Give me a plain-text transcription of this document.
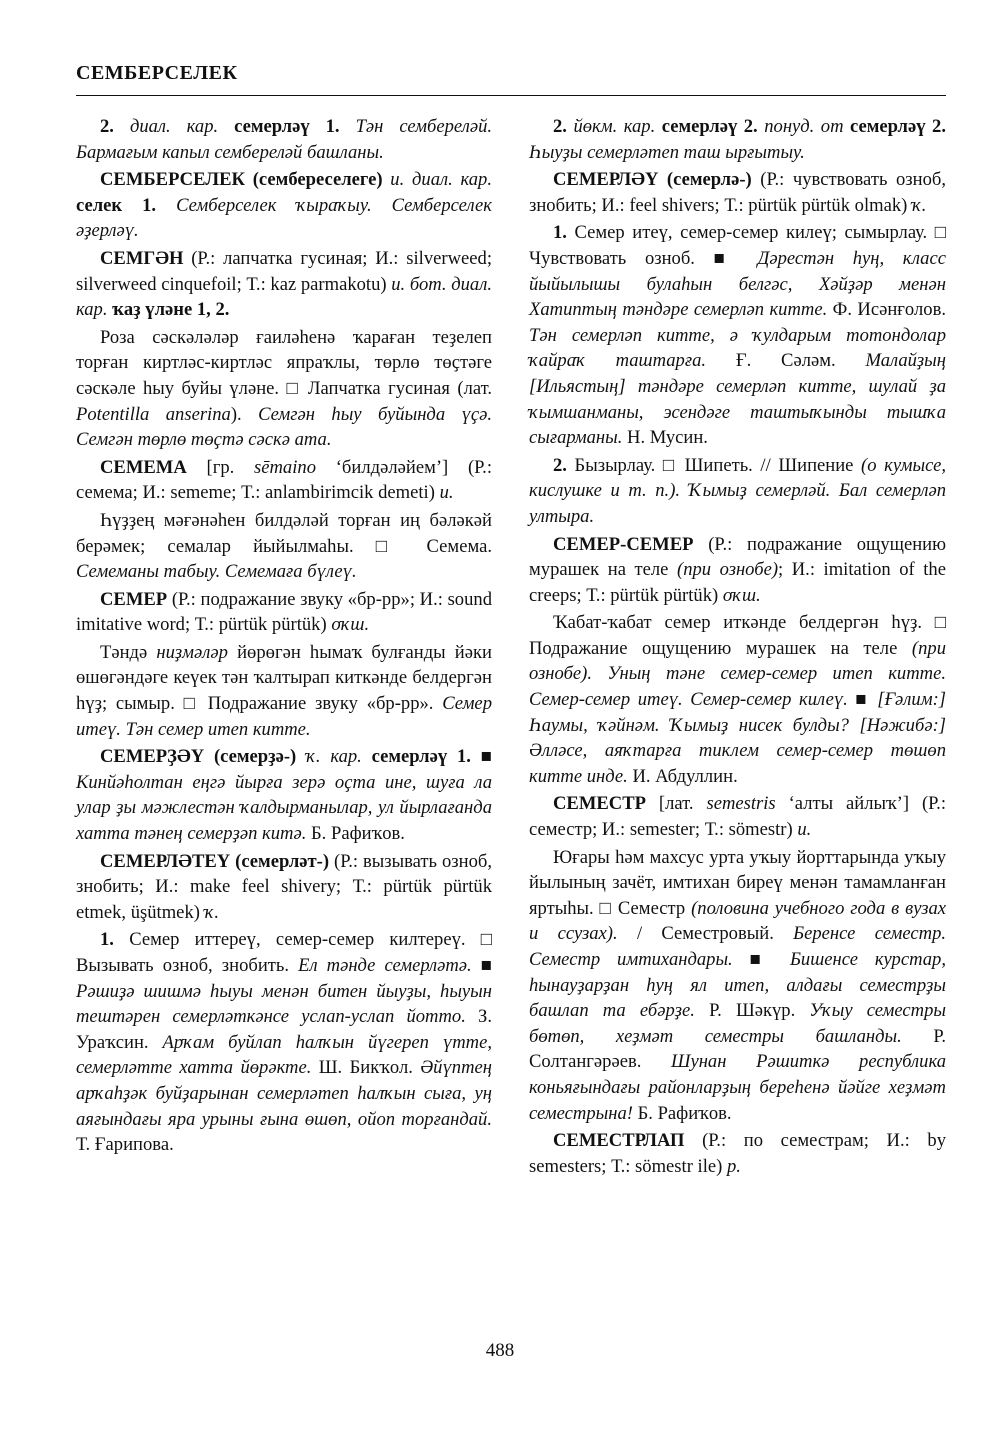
СЕМБЕРСЕЛЕК

2. диал. кар. семерләү 1. Тән сембереләй. Бармағым капыл сембереләй башланы.

СЕМБЕРСЕЛЕК (сембереселеге) и. диал. кар. селек 1. Семберселек ҡыраҡыу. Семберселек әҙерләү.

СЕМГӘН (Р.: лапчатка гусиная; И.: silverweed; silverweed cinquefoil; Т.: kaz parmakotu) и. бот. диал. кар. ҡаҙ үләне 1, 2.

Роза сәскәләләр ғаиләһенә ҡараған теҙелеп торған киртләс-киртләс япраҡлы, төрлө төҫтәге сәскәле һыу буйы үләне. □ Лапчатка гусиная (лат. Potentilla anserina). Семгән һыу буйында үҫә. Семгән төрлө төҫтә сәскә ата.

СЕМЕМА [гр. sēmaino ‘билдәләйем’] (Р.: семема; И.: sememe; Т.: anlambirimcik demeti) и.

Һүҙҙең мәғәнәһен билдәләй торған иң бәләкәй берәмек; семалар йыйылмаһы. □ Семема. Семеманы табыу. Семемаға бүлеү.

СЕМЕР (Р.: подражание звуку «бр-рр»; И.: sound imitative word; Т.: pürtük pürtük) оҡш.

Тәндә ниҙмәләр йөрөгән һымаҡ булғанды йәки өшөгәндәге кеүек тән ҡалтырап киткәнде белдергән һүҙ; сымыр. □ Подражание звуку «бр-рр». Семер итеү. Тән семер итеп китте.

СЕМЕРҘӘҮ (семерҙә-) ҡ. кар. семерләү 1. ■ Кинйәһолтан еңгә йырға зерә оҫта ине, шуға ла улар ҙы мәжлестән ҡалдырманылар, ул йырлағанда хатта тәнең семерҙәп китә. Б. Рафиҡов.

СЕМЕРЛӘТЕҮ (семерләт-) (Р.: вызывать озноб, знобить; И.: make feel shivery; Т.: pürtük pürtük etmek, üşütmek) ҡ.

1. Семер иттереү, семер-семер килтереү. □ Вызывать озноб, знобить. Ел тәнде семерләтә. ■ Рәшиҙә шишмә һыуы менән битен йыуҙы, һыуын тештәрен семерләткәнсе услап-услап йотто. З. Ураҡсин. Арҡам буйлап һалҡын йүгереп үтте, семерләтте хатта йөрәкте. Ш. Бикҡол. Әйүптең арҡаһҙәк буйҙарынан семерләтеп һалҡын сыға, уң аяғындағы яра урыны ғына өшөп, ойоп торғандай. Т. Ғарипова.

2. йөкм. кар. семерләү 2. понуд. от семерләү 2. Һыуҙы семерләтеп таш ырғытыу.

СЕМЕРЛӘҮ (семерлә-) (Р.: чувствовать озноб, знобить; И.: feel shivers; Т.: pürtük pürtük olmak) ҡ.

1. Семер итеү, семер-семер килеү; сымырлау. □ Чувствовать озноб. ■ Дәрестән һуң, класс йыйылышы булаһын белгәс, Хәйҙәр менән Хатиптың тәндәре семерләп китте. Ф. Исәнғолов. Тән семерләп китте, ә ҡулдарым тотондолар ҡайраҡ таштарға. Ғ. Сәләм. Малайҙың [Ильястың] тәндәре семерләп китте, шулай ҙа ҡымшанманы, эсендәге таштыҡынды тышҡа сығарманы. Н. Мусин.

2. Бызырлау. □ Шипеть. // Шипение (о кумысе, кислушке и т. п.). Ҡымыҙ семерләй. Бал семерләп ултыра.

СЕМЕР-СЕМЕР (Р.: подражание ощущению мурашек на теле (при ознобе); И.: imitation of the creeps; Т.: pürtük pürtük) оҡш.

Ҡабат-ҡабат семер иткәнде белдергән һүҙ. □ Подражание ощущению мурашек на теле (при ознобе). Уның тәне семер-семер итеп китте. Семер-семер итеү. Семер-семер килеү. ■ [Ғәлим:] Һаумы, ҡәйнәм. Ҡымыҙ нисек булды? [Нәжибә:] Әлләсе, аяҡтарға тиклем семер-семер төшөп китте инде. И. Абдуллин.

СЕМЕСТР [лат. semestris ‘алты айлыҡ’] (Р.: семестр; И.: semester; Т.: sömestr) и.

Юғары һәм махсус урта уҡыу йорттарында уҡыу йылының зачёт, имтихан биреү менән тамамланған яртыһы. □ Семестр (половина учебного года в вузах и ссузах). / Семестровый. Беренсе семестр. Семестр имтихандары. ■ Бишенсе курстар, һынауҙарҙан һуң ял итеп, алдағы семестрҙы башлап та ебәрҙе. Р. Шәкүр. Уҡыу семестры бөтөп, хеҙмәт семестры башланды. Р. Солтангәрәев. Шунан Рәшиткә республика коньяғындағы районларҙың береһенә йәйге хеҙмәт семестрына! Б. Рафиҡов.

СЕМЕСТРЛАП (Р.: по семестрам; И.: by semesters; Т.: sömestr ile) р.

488
